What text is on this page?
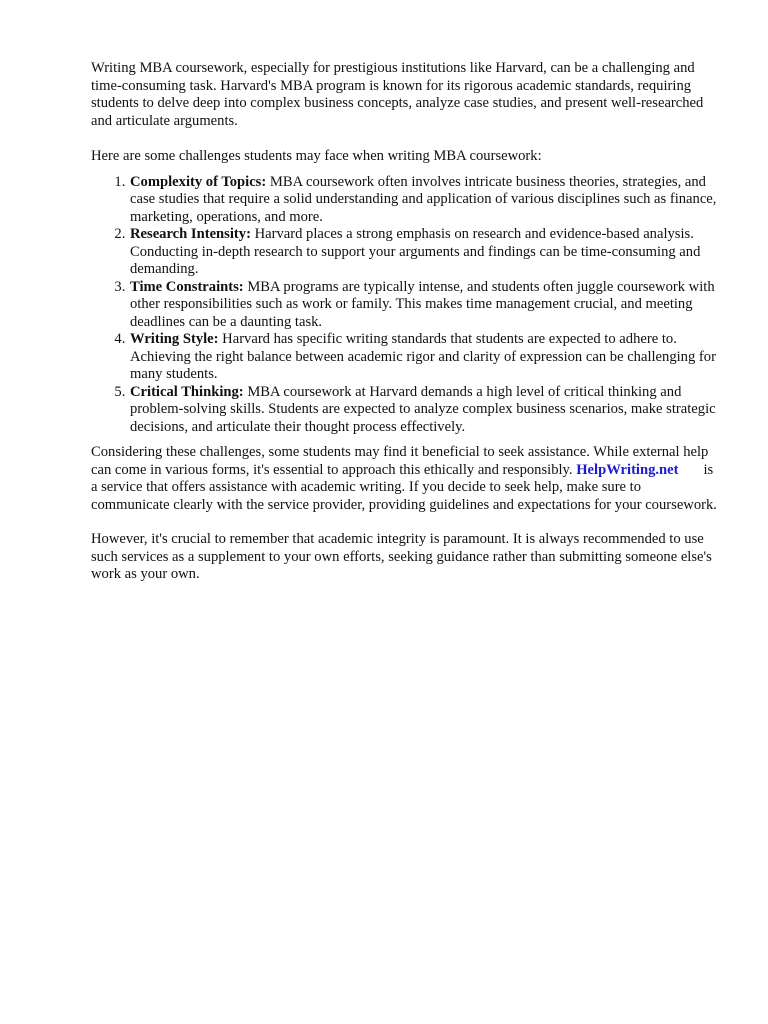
Writing MBA coursework, especially for prestigious institutions like Harvard, can be a challenging and time-consuming task. Harvard's MBA program is known for its rigorous academic standards, requiring students to delve deep into complex business concepts, analyze case studies, and present well-researched and articulate arguments.

Here are some challenges students may face when writing MBA coursework:

1. Complexity of Topics: MBA coursework often involves intricate business theories, strategies, and case studies that require a solid understanding and application of various disciplines such as finance, marketing, operations, and more.
2. Research Intensity: Harvard places a strong emphasis on research and evidence-based analysis. Conducting in-depth research to support your arguments and findings can be time-consuming and demanding.
3. Time Constraints: MBA programs are typically intense, and students often juggle coursework with other responsibilities such as work or family. This makes time management crucial, and meeting deadlines can be a daunting task.
4. Writing Style: Harvard has specific writing standards that students are expected to adhere to. Achieving the right balance between academic rigor and clarity of expression can be challenging for many students.
5. Critical Thinking: MBA coursework at Harvard demands a high level of critical thinking and problem-solving skills. Students are expected to analyze complex business scenarios, make strategic decisions, and articulate their thought process effectively.

Considering these challenges, some students may find it beneficial to seek assistance. While external help can come in various forms, it's essential to approach this ethically and responsibly. HelpWriting.net is a service that offers assistance with academic writing. If you decide to seek help, make sure to communicate clearly with the service provider, providing guidelines and expectations for your coursework.

However, it's crucial to remember that academic integrity is paramount. It is always recommended to use such services as a supplement to your own efforts, seeking guidance rather than submitting someone else's work as your own.
